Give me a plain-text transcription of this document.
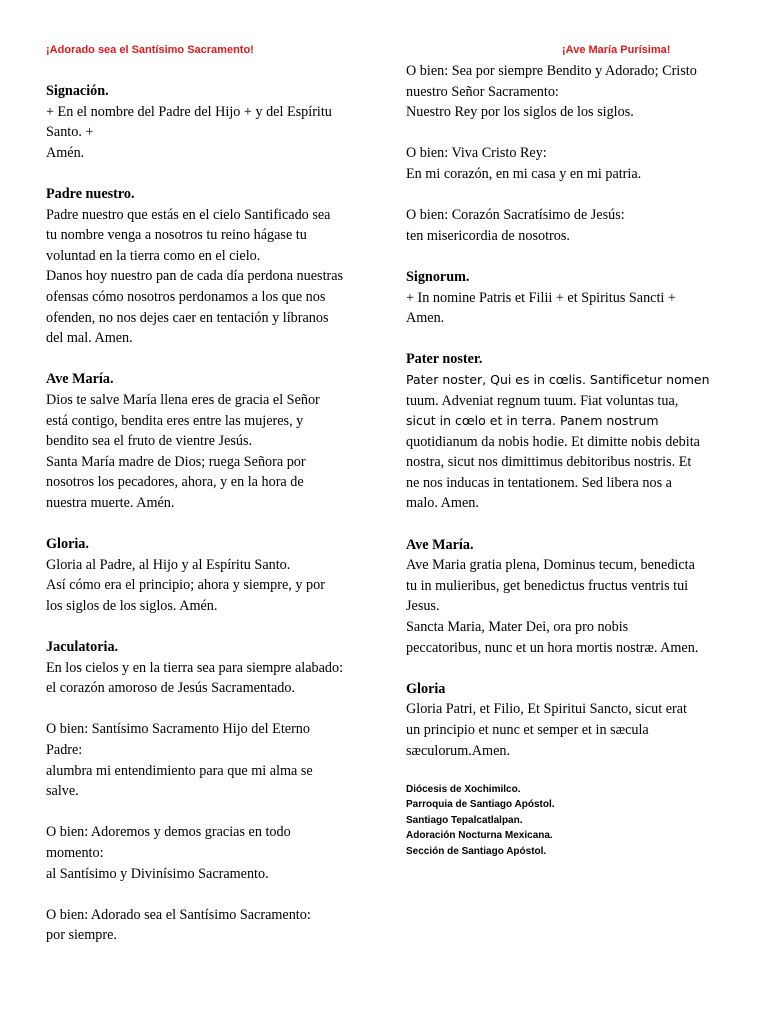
¡Adorado sea el Santísimo Sacramento!	¡Ave María Purísima!
Signación.

+ En el nombre del Padre del Hijo + y del Espíritu
Santo. +
Amén.

Padre nuestro.

Padre nuestro que estás en el cielo Santificado sea
tu nombre venga a nosotros tu reino hágase tu
voluntad en la tierra como en el cielo.
Danos hoy nuestro pan de cada día perdona nuestras
ofensas cómo nosotros perdonamos a los que nos
ofenden, no nos dejes caer en tentación y líbranos
del mal. Amen.

Ave María.

Dios te salve María llena eres de gracia el Señor
está contigo, bendita eres entre las mujeres, y
bendito sea el fruto de vientre Jesús.
Santa María madre de Dios; ruega Señora por
nosotros los pecadores, ahora, y en la hora de
nuestra muerte. Amén.

Gloria.

Gloria al Padre, al Hijo y al Espíritu Santo.
Así cómo era el principio; ahora y siempre, y por
los siglos de los siglos. Amén.

Jaculatoria.

En los cielos y en la tierra sea para siempre alabado:
el corazón amoroso de Jesús Sacramentado.

O bien: Santísimo Sacramento Hijo del Eterno
Padre:
alumbra mi entendimiento para que mi alma se
salve.

O bien: Adoremos y demos gracias en todo
momento:
al Santísimo y Divinísimo Sacramento.

O bien: Adorado sea el Santísimo Sacramento:
por siempre.

O bien: Sea por siempre Bendito y Adorado; Cristo
nuestro Señor Sacramento:
Nuestro Rey por los siglos de los siglos.

O bien: Viva Cristo Rey:
En mi corazón, en mi casa y en mi patria.

O bien: Corazón Sacratísimo de Jesús:
ten misericordia de nosotros.

Signorum.

+ In nomine Patris et Filii + et Spiritus Sancti +
Amen.

Pater noster.

Pater noster, Qui es in cœlis. Santificetur nomen
tuum. Adveniat regnum tuum. Fiat voluntas tua,
sicut in cœlo et in terra. Panem nostrum
quotidianum da nobis hodie. Et dimitte nobis debita
nostra, sicut nos dimittimus debitoribus nostris. Et
ne nos inducas in tentationem. Sed libera nos a
malo. Amen.

Ave María.

Ave Maria gratia plena, Dominus tecum, benedicta
tu in mulieribus, get benedictus fructus ventris tui
Jesus.
Sancta Maria, Mater Dei, ora pro nobis
peccatoribus, nunc et un hora mortis nostræ. Amen.

Gloria

Gloria Patri, et Filio, Et Spiritui Sancto, sicut erat
un principio et nunc et semper et in sæcula
sæculorum.Amen.

Diócesis de Xochimilco.
Parroquia de Santiago Apóstol.
Santiago Tepalcatlalpan.
Adoración Nocturna Mexicana.
Sección de Santiago Apóstol.
